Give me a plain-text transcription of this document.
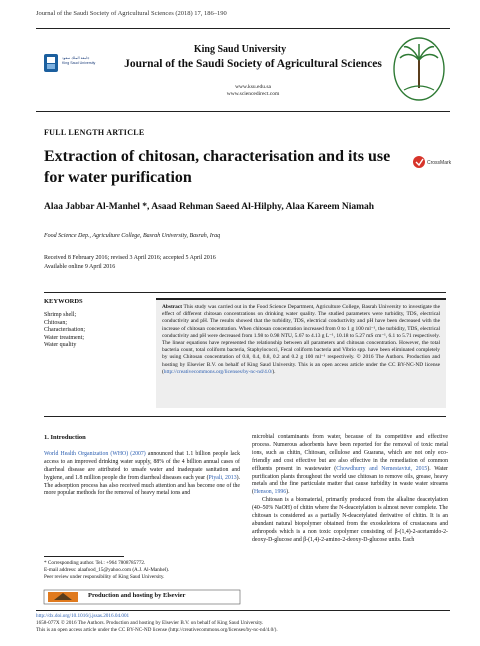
Journal of the Saudi Society of Agricultural Sciences (2018) 17, 186–190
جامعة الملك سعود
King Saud University
King Saud University
Journal of the Saudi Society of Agricultural Sciences
www.ksu.edu.sa
www.sciencedirect.com
FULL LENGTH ARTICLE
Extraction of chitosan, characterisation and its use for water purification
CrossMark
Alaa Jabbar Al-Manhel *, Asaad Rehman Saeed Al-Hilphy, Alaa Kareem Niamah
Food Science Dep., Agriculture College, Basrah University, Basrah, Iraq
Received 8 February 2016; revised 3 April 2016; accepted 5 April 2016
Available online 9 April 2016
KEYWORDS
Shrimp shell;
Chitosan;
Characterisation;
Water treatment;
Water quality
Abstract This study was carried out in the Food Science Department, Agriculture College, Basrah University to investigate the effect of different chitosan concentrations on drinking water quality. The studied parameters were turbidity, TDS, electrical conductivity and pH. The results showed that the turbidity, TDS, electrical conductivity and pH have been decreased with the increase of chitosan concentration. When chitosan concentration increased from 0 to 1 g 100 ml⁻¹, the turbidity, TDS, electrical conductivity and pH were decreased from 1.98 to 0.98 NTU, 5.67 to 4.13 g L⁻¹, 10.18 to 5.27 mS cm⁻¹, 6.1 to 5.71 respectively. The linear equations have represented the relationship between all parameters and chitosan concentration. However, the total bacteria count, total coliform bacteria, Staphylococci, Fecal coliform bacteria and Vibrio spp. have been eliminated completely by using Chitosan concentration of 0.8, 0.4, 0.8, 0.2 and 0.2 g 100 ml⁻¹ respectively. © 2016 The Authors. Production and hosting by Elsevier B.V. on behalf of King Saud University. This is an open access article under the CC BY-NC-ND license (http://creativecommons.org/licenses/by-nc-nd/4.0/).
1. Introduction

World Health Organization (WHO) (2007) announced that 1.1 billion people lack access to an improved drinking water supply, 88% of the 4 billion annual cases of diarrheal disease are attributed to unsafe water and inadequate sanitation and hygiene, and 1.8 million people die from diarrheal diseases each year (Piyali, 2013). The adsorption process has also received much attention and has become one of the more popular methods for the removal of heavy metal ions and

microbial contaminants from water, because of its competitive and effective process. Numerous adsorbents have been reported for the removal of toxic metal ions, such as chitin, Chitosan, cellulose and Guarana, which are not only eco-friendly and cost effective but are also effective in the remediation of common effluents present in wastewater (Chowdhurry and Nemestaviut, 2015). Water purification plants throughout the world use chitosan to remove oils, grease, heavy metals and the fine particulate matter that cause turbidity in waste water streams (Henson, 1996).

Chitosan is a biomaterial, primarily produced from the alkaline deacetylation (40–50% NaOH) of chitin where the N-deacetylation is almost never complete. The chitosan is considered as a partially N-deacetylated derivative of chitin. It is an abundant natural biopolymer obtained from the exoskeletons of crustaceans and arthropods which is a non toxic copolymer consisting of β-(1,4)-2-acetamido-2-deoxy-D-glucose and β-(1,4)-2-amino-2-deoxy-D-glucose units. Each

* Corresponding author. Tel.: +964 7808785772.
E-mail address: alaafood_15@yahoo.com (A.J. Al-Manhel).
Peer review under responsibility of King Saud University.
Production and hosting by Elsevier
http://dx.doi.org/10.1016/j.jssas.2016.04.001
1658-077X © 2016 The Authors. Production and hosting by Elsevier B.V. on behalf of King Saud University.
This is an open access article under the CC BY-NC-ND license (http://creativecommons.org/licenses/by-nc-nd/4.0/).
